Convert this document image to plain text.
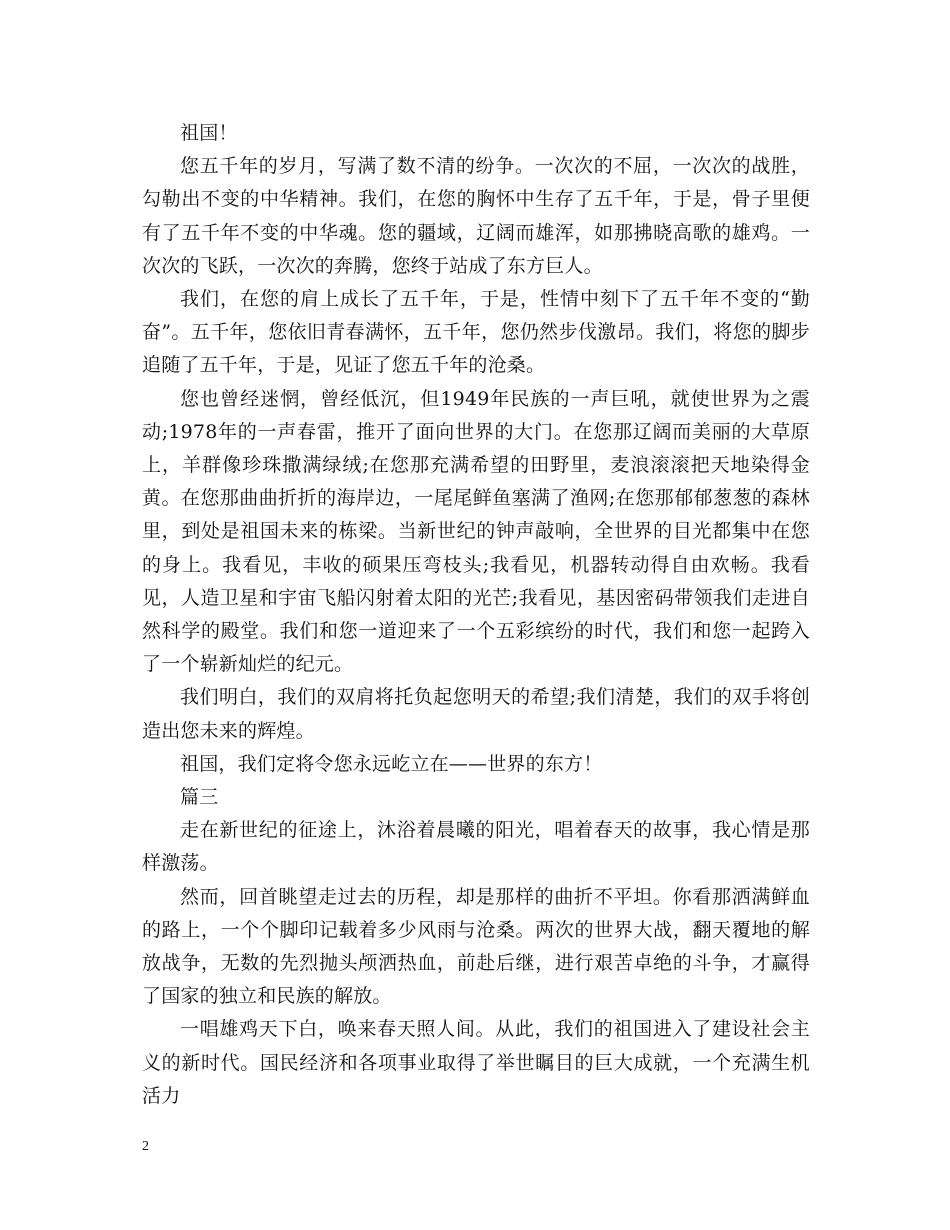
祖国！

您五千年的岁月，写满了数不清的纷争。一次次的不屈，一次次的战胜，勾勒出不变的中华精神。我们，在您的胸怀中生存了五千年，于是，骨子里便有了五千年不变的中华魂。您的疆域，辽阔而雄浑，如那拂晓高歌的雄鸡。一次次的飞跃，一次次的奔腾，您终于站成了东方巨人。

我们，在您的肩上成长了五千年，于是，性情中刻下了五千年不变的“勤奋”。五千年，您依旧青春满怀，五千年，您仍然步伐激昂。我们，将您的脚步追随了五千年，于是，见证了您五千年的沧桑。

您也曾经迷惘，曾经低沉，但1949年民族的一声巨吼，就使世界为之震动;1978年的一声春雷，推开了面向世界的大门。在您那辽阔而美丽的大草原上，羊群像珍珠撒满绿绒;在您那充满希望的田野里，麦浪滚滚把天地染得金黄。在您那曲曲折折的海岸边，一尾尾鲜鱼塞满了渔网;在您那郁郁葱葱的森林里，到处是祖国未来的栋梁。当新世纪的钟声敲响，全世界的目光都集中在您的身上。我看见，丰收的硕果压弯枝头;我看见，机器转动得自由欢畅。我看见，人造卫星和宇宙飞船闪射着太阳的光芒;我看见，基因密码带领我们走进自然科学的殿堂。我们和您一道迎来了一个五彩缤纷的时代，我们和您一起跨入了一个崭新灿烂的纪元。

我们明白，我们的双肩将托负起您明天的希望;我们清楚，我们的双手将创造出您未来的辉煌。

祖国，我们定将令您永远屹立在——世界的东方！

篇三

走在新世纪的征途上，沐浴着晨曦的阳光，唱着春天的故事，我心情是那样激荡。

然而，回首眺望走过去的历程，却是那样的曲折不平坦。你看那洒满鲜血的路上，一个个脚印记载着多少风雨与沧桑。两次的世界大战，翻天覆地的解放战争，无数的先烈抛头颅洒热血，前赴后继，进行艰苦卓绝的斗争，才赢得了国家的独立和民族的解放。

一唱雄鸡天下白，唤来春天照人间。从此，我们的祖国进入了建设社会主义的新时代。国民经济和各项事业取得了举世瞩目的巨大成就，一个充满生机活力

2
